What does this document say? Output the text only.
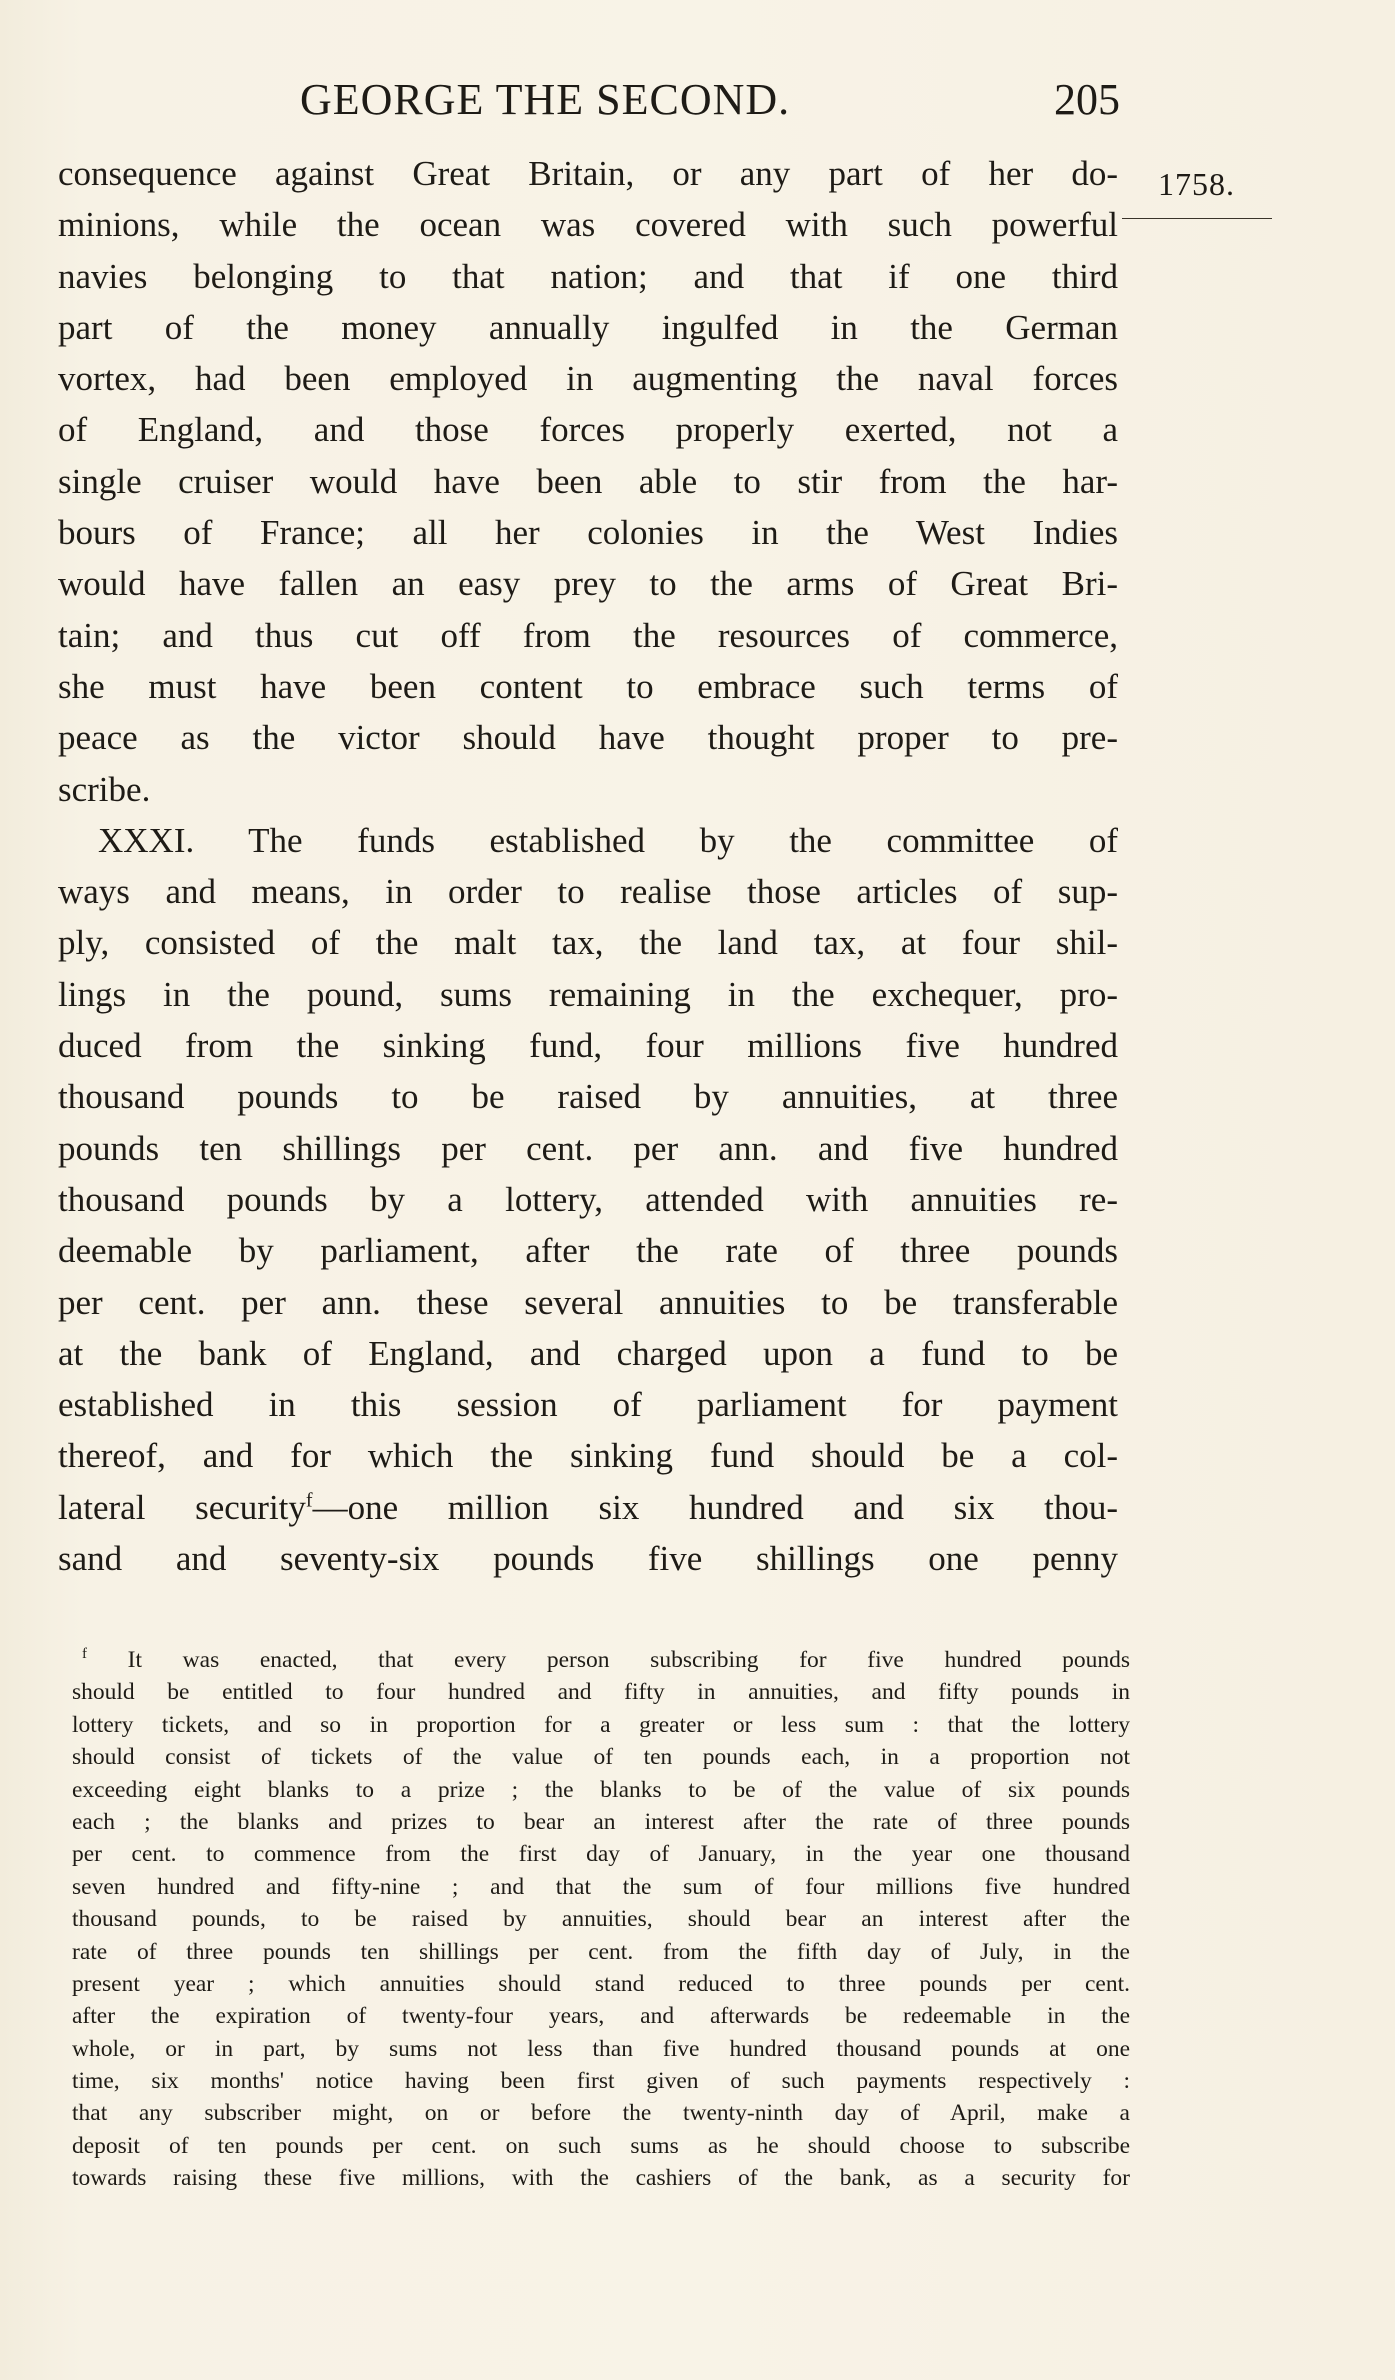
GEORGE THE SECOND.	205
1758.
consequence against Great Britain, or any part of her do-
minions, while the ocean was covered with such powerful
navies belonging to that nation; and that if one third
part of the money annually ingulfed in the German
vortex, had been employed in augmenting the naval forces
of England, and those forces properly exerted, not a
single cruiser would have been able to stir from the har-
bours of France; all her colonies in the West Indies
would have fallen an easy prey to the arms of Great Bri-
tain; and thus cut off from the resources of commerce,
she must have been content to embrace such terms of
peace as the victor should have thought proper to pre-
scribe.
XXXI. The funds established by the committee of
ways and means, in order to realise those articles of sup-
ply, consisted of the malt tax, the land tax, at four shil-
lings in the pound, sums remaining in the exchequer, pro-
duced from the sinking fund, four millions five hundred
thousand pounds to be raised by annuities, at three
pounds ten shillings per cent. per ann. and five hundred
thousand pounds by a lottery, attended with annuities re-
deemable by parliament, after the rate of three pounds
per cent. per ann. these several annuities to be transferable
at the bank of England, and charged upon a fund to be
established in this session of parliament for payment
thereof, and for which the sinking fund should be a col-
lateral security$^f$—one million six hundred and six thou-
sand and seventy-six pounds five shillings one penny
$^f$ It was enacted, that every person subscribing for five hundred pounds
should be entitled to four hundred and fifty in annuities, and fifty pounds in
lottery tickets, and so in proportion for a greater or less sum : that the lottery
should consist of tickets of the value of ten pounds each, in a proportion not
exceeding eight blanks to a prize ; the blanks to be of the value of six pounds
each ; the blanks and prizes to bear an interest after the rate of three pounds
per cent. to commence from the first day of January, in the year one thousand
seven hundred and fifty-nine ; and that the sum of four millions five hundred
thousand pounds, to be raised by annuities, should bear an interest after the
rate of three pounds ten shillings per cent. from the fifth day of July, in the
present year ; which annuities should stand reduced to three pounds per cent.
after the expiration of twenty-four years, and afterwards be redeemable in the
whole, or in part, by sums not less than five hundred thousand pounds at one
time, six months' notice having been first given of such payments respectively :
that any subscriber might, on or before the twenty-ninth day of April, make a
deposit of ten pounds per cent. on such sums as he should choose to subscribe
towards raising these five millions, with the cashiers of the bank, as a security for
